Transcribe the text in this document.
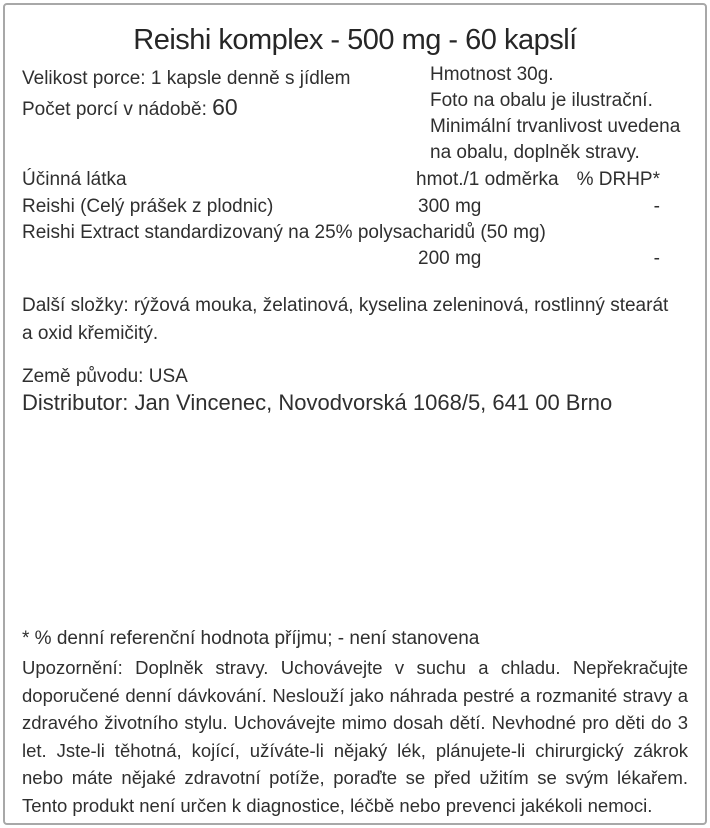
Reishi komplex - 500 mg - 60 kapslí
Velikost porce: 1 kapsle denně s jídlem
Počet porcí v nádobě: 60
Hmotnost 30g.
Foto na obalu je ilustrační.
Minimální trvanlivost uvedena
na obalu, doplněk stravy.
Účinná látka	hmot./1 odměrka % DRHP*
Reishi (Celý prášek z plodnic)	300 mg	-
Reishi Extract standardizovaný na 25% polysacharidů (50 mg)
200 mg	-
Další složky: rýžová mouka, želatinová, kyselina zeleninová, rostlinný stearát a oxid křemičitý.
Země původu: USA
Distributor: Jan Vincenec, Novodvorská 1068/5, 641 00 Brno
* % denní referenční hodnota příjmu; - není stanovena
Upozornění: Doplněk stravy. Uchovávejte v suchu a chladu. Nepřekračujte doporučené denní dávkování. Neslouží jako náhrada pestré a rozmanité stravy a zdravého životního stylu. Uchovávejte mimo dosah dětí. Nevhodné pro děti do 3 let. Jste-li těhotná, kojící, užíváte-li nějaký lék, plánujete-li chirurgický zákrok nebo máte nějaké zdravotní potíže, poraďte se před užitím se svým lékařem. Tento produkt není určen k diagnostice, léčbě nebo prevenci jakékoli nemoci.
